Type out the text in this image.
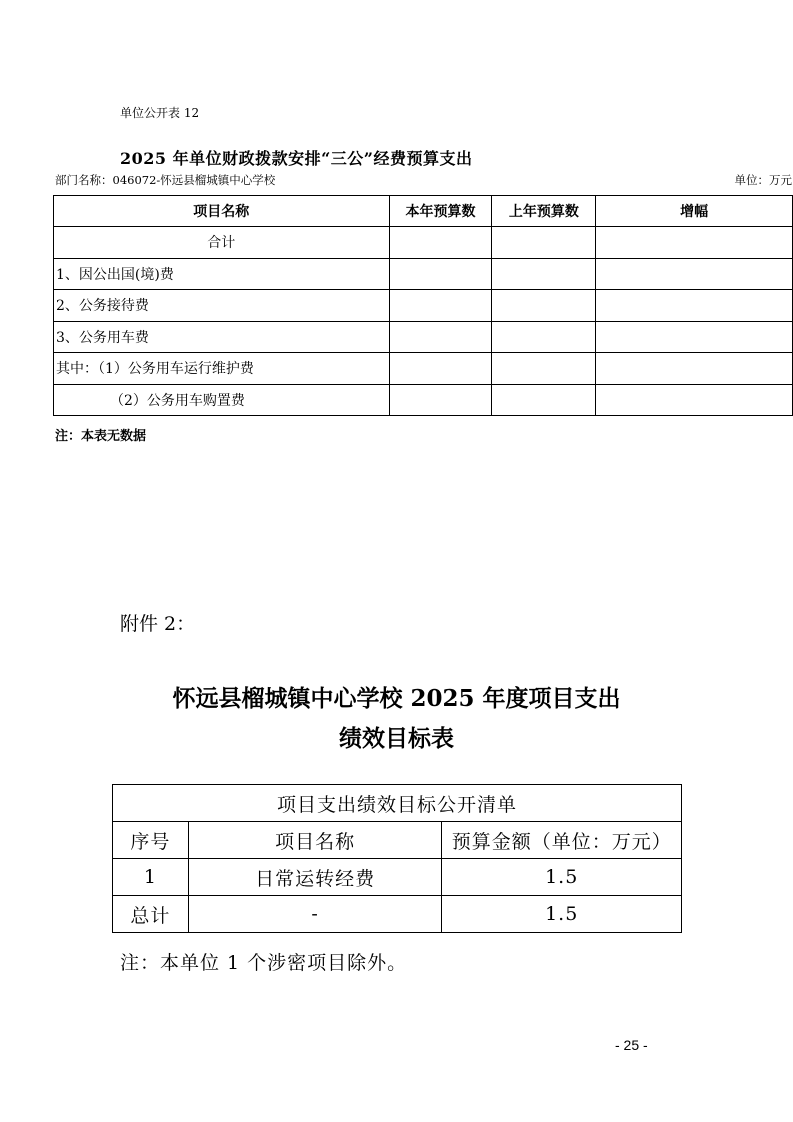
单位公开表 12
2025 年单位财政拨款安排“三公”经费预算支出
部门名称：046072-怀远县榴城镇中心学校	单位：万元
项目名称	本年预算数	上年预算数	增幅
合计			
1、因公出国(境)费			
2、公务接待费			
3、公务用车费			
其中：（1）公务用车运行维护费			
（2）公务用车购置费			
注：本表无数据
附件 2：
怀远县榴城镇中心学校 2025 年度项目支出
绩效目标表
项目支出绩效目标公开清单		
序号	项目名称	预算金额（单位：万元）
1	日常运转经费	1.5
总计	-	1.5
注：本单位 1 个涉密项目除外。
- 25 -
